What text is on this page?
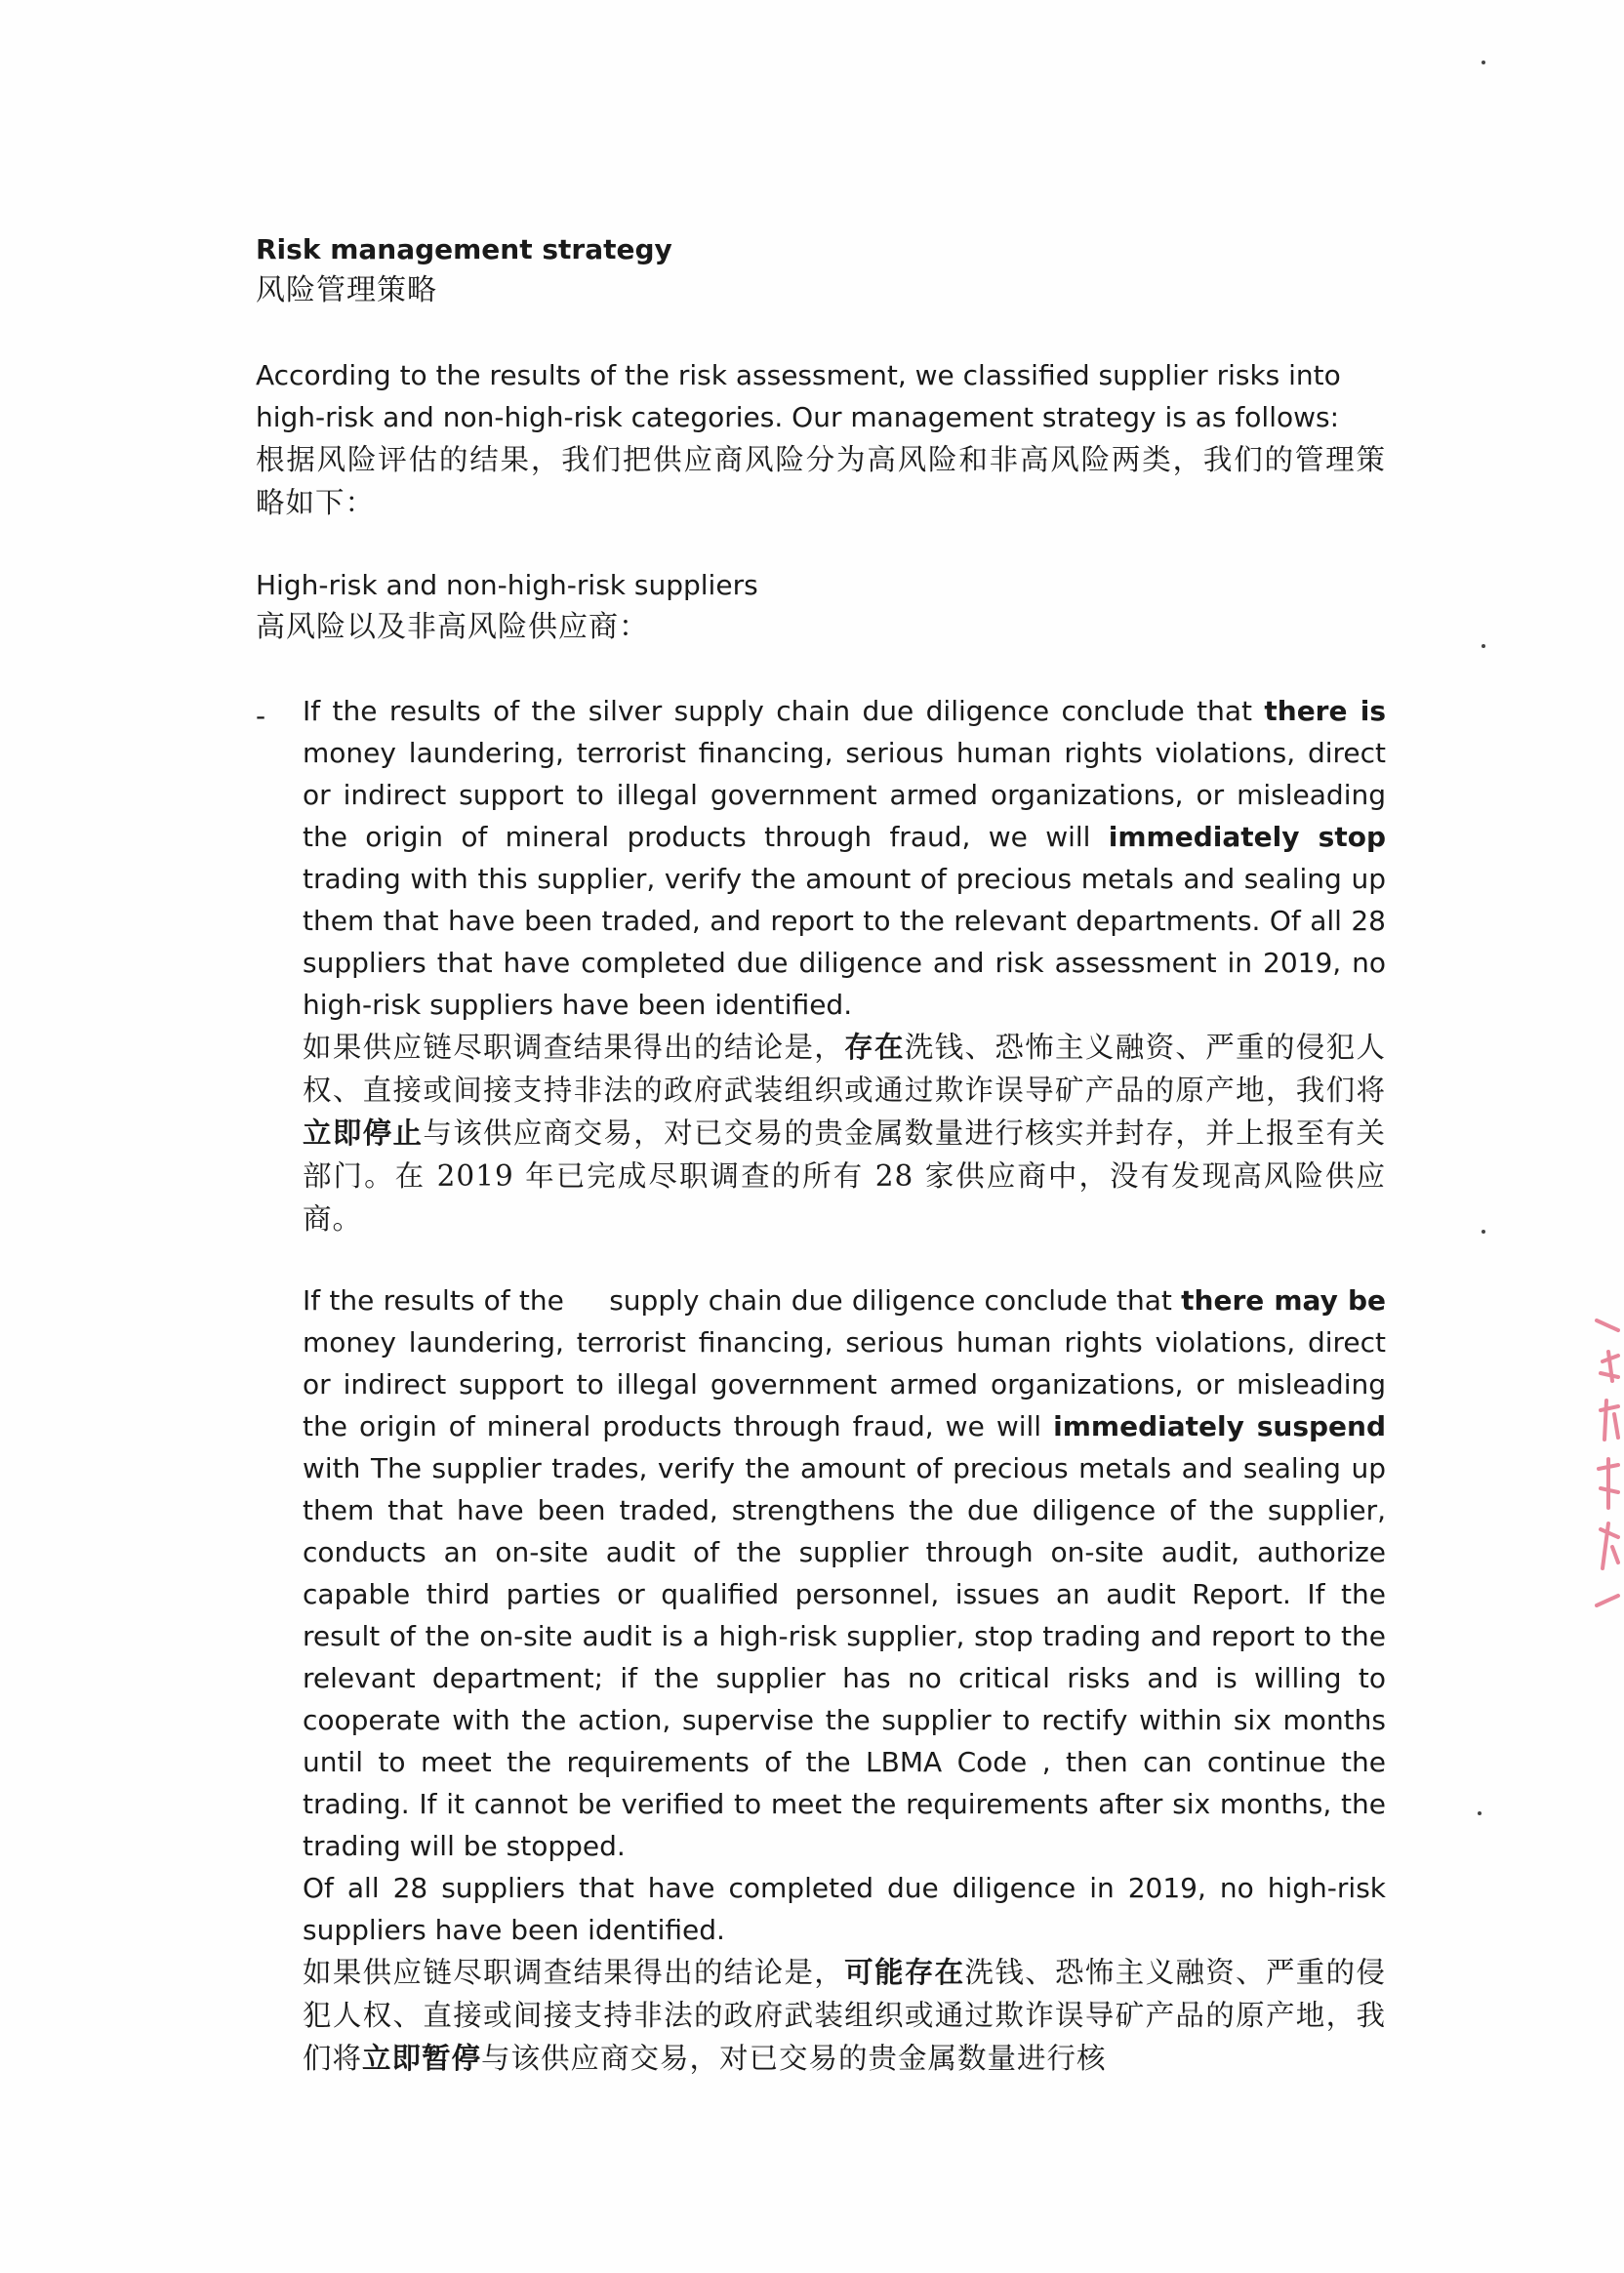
Risk management strategy

风险管理策略

According to the results of the risk assessment, we classified supplier risks into high-risk and non-high-risk categories. Our management strategy is as follows:

根据风险评估的结果，我们把供应商风险分为高风险和非高风险两类，我们的管理策略如下：

High-risk and non-high-risk suppliers

高风险以及非高风险供应商：

- If the results of the silver supply chain due diligence conclude that there is money laundering, terrorist financing, serious human rights violations, direct or indirect support to illegal government armed organizations, or misleading the origin of mineral products through fraud, we will immediately stop trading with this supplier, verify the amount of precious metals and sealing up them that have been traded, and report to the relevant departments. Of all 28 suppliers that have completed due diligence and risk assessment in 2019, no high-risk suppliers have been identified.

如果供应链尽职调查结果得出的结论是，存在洗钱、恐怖主义融资、严重的侵犯人权、直接或间接支持非法的政府武装组织或通过欺诈误导矿产品的原产地，我们将立即停止与该供应商交易，对已交易的贵金属数量进行核实并封存，并上报至有关部门。在 2019 年已完成尽职调查的所有 28 家供应商中，没有发现高风险供应商。

If the results of the     supply chain due diligence conclude that there may be money laundering, terrorist financing, serious human rights violations, direct or indirect support to illegal government armed organizations, or misleading the origin of mineral products through fraud, we will immediately suspend with The supplier trades, verify the amount of precious metals and sealing up them that have been traded, strengthens the due diligence of the supplier, conducts an on-site audit of the supplier through on-site audit, authorize capable third parties or qualified personnel, issues an audit Report. If the result of the on-site audit is a high-risk supplier, stop trading and report to the relevant department; if the supplier has no critical risks and is willing to cooperate with the action, supervise the supplier to rectify within six months until to meet the requirements of the LBMA Code , then can continue the trading. If it cannot be verified to meet the requirements after six months, the trading will be stopped.

Of all 28 suppliers that have completed due diligence in 2019, no high-risk suppliers have been identified.

如果供应链尽职调查结果得出的结论是，可能存在洗钱、恐怖主义融资、严重的侵犯人权、直接或间接支持非法的政府武装组织或通过欺诈误导矿产品的原产地，我们将立即暂停与该供应商交易，对已交易的贵金属数量进行核
